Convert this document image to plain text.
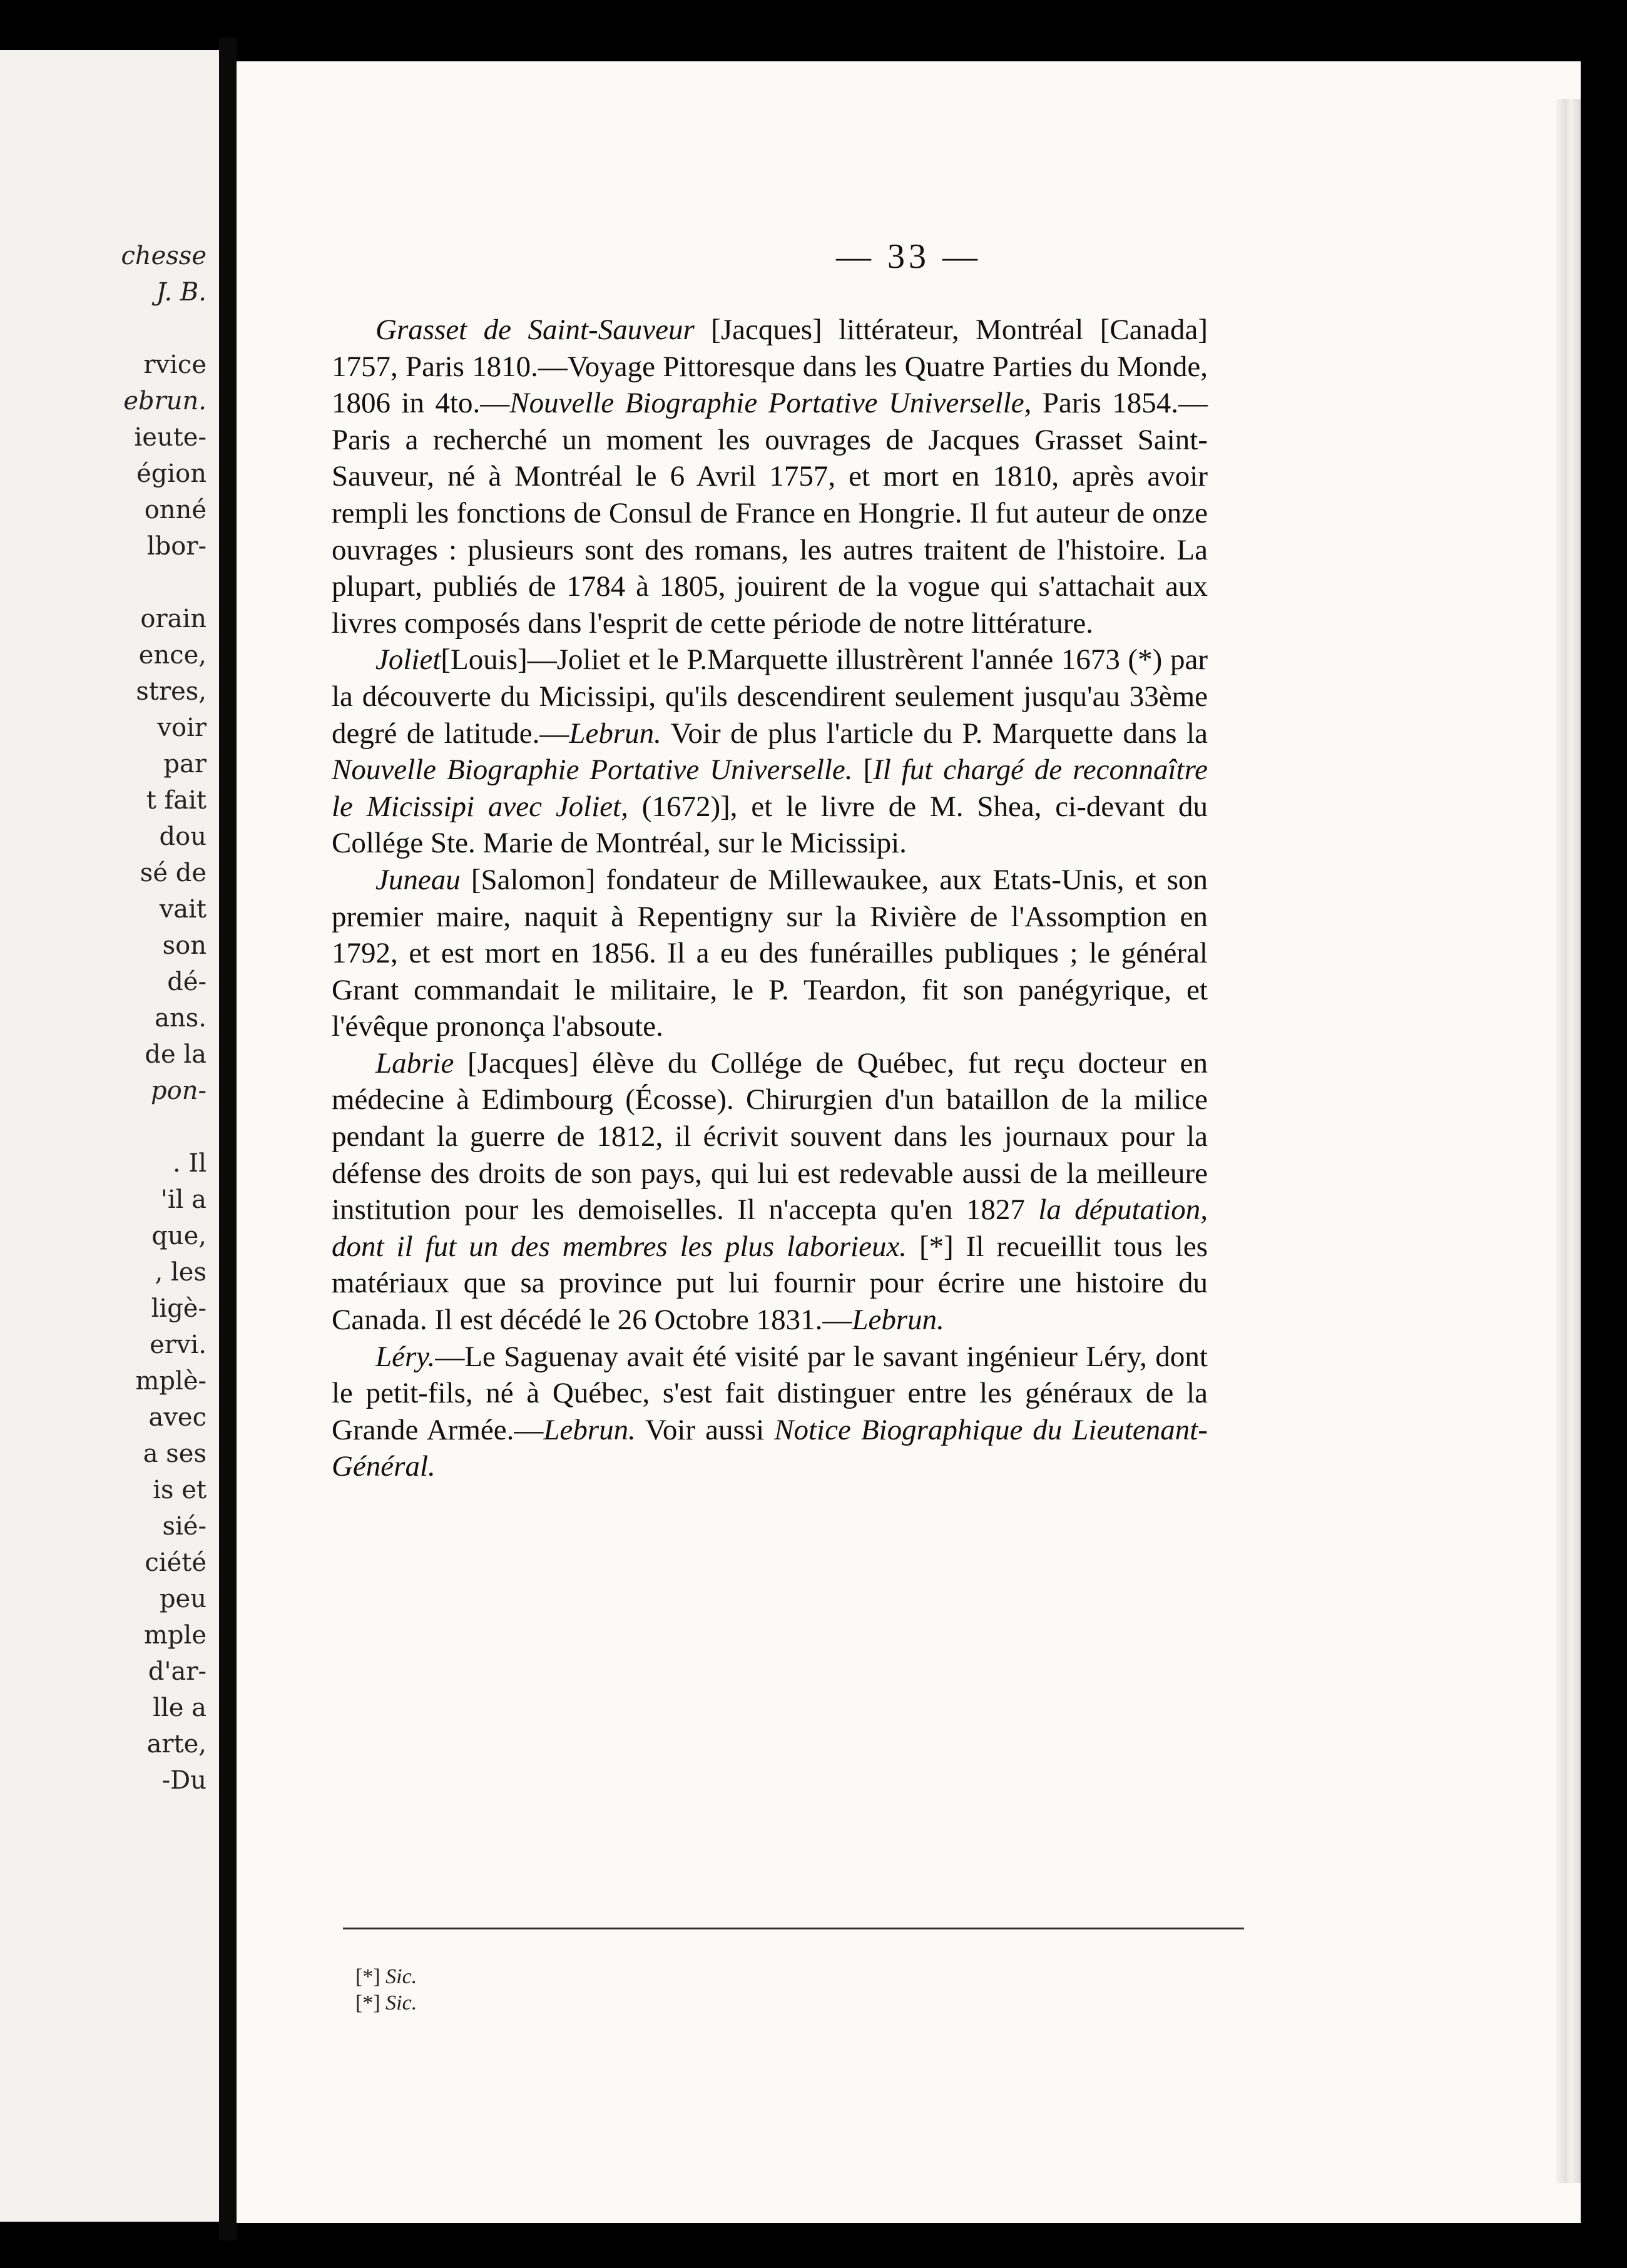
chesse
J. B.
rvice
ebrun.
ieute-
égion
onné
lbor-
orain
ence,
stres,
voir
par
t fait
dou
sé de
vait
son
dé-
ans.
de la
pon-
. Il
'il a
que,
, les
ligè-
ervi.
mplè-
avec
a ses
is et
sié-
ciété
peu
mple
d'ar-
lle a
arte,
-Du
— 33 —

Grasset de Saint-Sauveur [Jacques] littérateur, Montréal [Canada] 1757, Paris 1810.—Voyage Pittoresque dans les Quatre Parties du Monde, 1806 in 4to.—Nouvelle Biographie Portative Universelle, Paris 1854.—Paris a recherché un moment les ouvrages de Jacques Grasset Saint-Sauveur, né à Montréal le 6 Avril 1757, et mort en 1810, après avoir rempli les fonctions de Consul de France en Hongrie. Il fut auteur de onze ouvrages : plusieurs sont des romans, les autres traitent de l'histoire. La plupart, publiés de 1784 à 1805, jouirent de la vogue qui s'attachait aux livres composés dans l'esprit de cette période de notre littérature.

Joliet[Louis]—Joliet et le P.Marquette illustrèrent l'année 1673 (*) par la découverte du Micissipi, qu'ils descendirent seulement jusqu'au 33ème degré de latitude.—Lebrun. Voir de plus l'article du P. Marquette dans la Nouvelle Biographie Portative Universelle. [Il fut chargé de reconnaître le Micissipi avec Joliet, (1672)], et le livre de M. Shea, ci-devant du Collége Ste. Marie de Montréal, sur le Micissipi.

Juneau [Salomon] fondateur de Millewaukee, aux Etats-Unis, et son premier maire, naquit à Repentigny sur la Rivière de l'Assomption en 1792, et est mort en 1856. Il a eu des funérailles publiques ; le général Grant commandait le militaire, le P. Teardon, fit son panégyrique, et l'évêque prononça l'absoute.

Labrie [Jacques] élève du Collége de Québec, fut reçu docteur en médecine à Edimbourg (Écosse). Chirurgien d'un bataillon de la milice pendant la guerre de 1812, il écrivit souvent dans les journaux pour la défense des droits de son pays, qui lui est redevable aussi de la meilleure institution pour les demoiselles. Il n'accepta qu'en 1827 la députation, dont il fut un des membres les plus laborieux. [*] Il recueillit tous les matériaux que sa province put lui fournir pour écrire une histoire du Canada. Il est décédé le 26 Octobre 1831.—Lebrun.

Léry.—Le Saguenay avait été visité par le savant ingénieur Léry, dont le petit-fils, né à Québec, s'est fait distinguer entre les généraux de la Grande Armée.—Lebrun. Voir aussi Notice Biographique du Lieutenant-Général.

[*] Sic.
[*] Sic.
